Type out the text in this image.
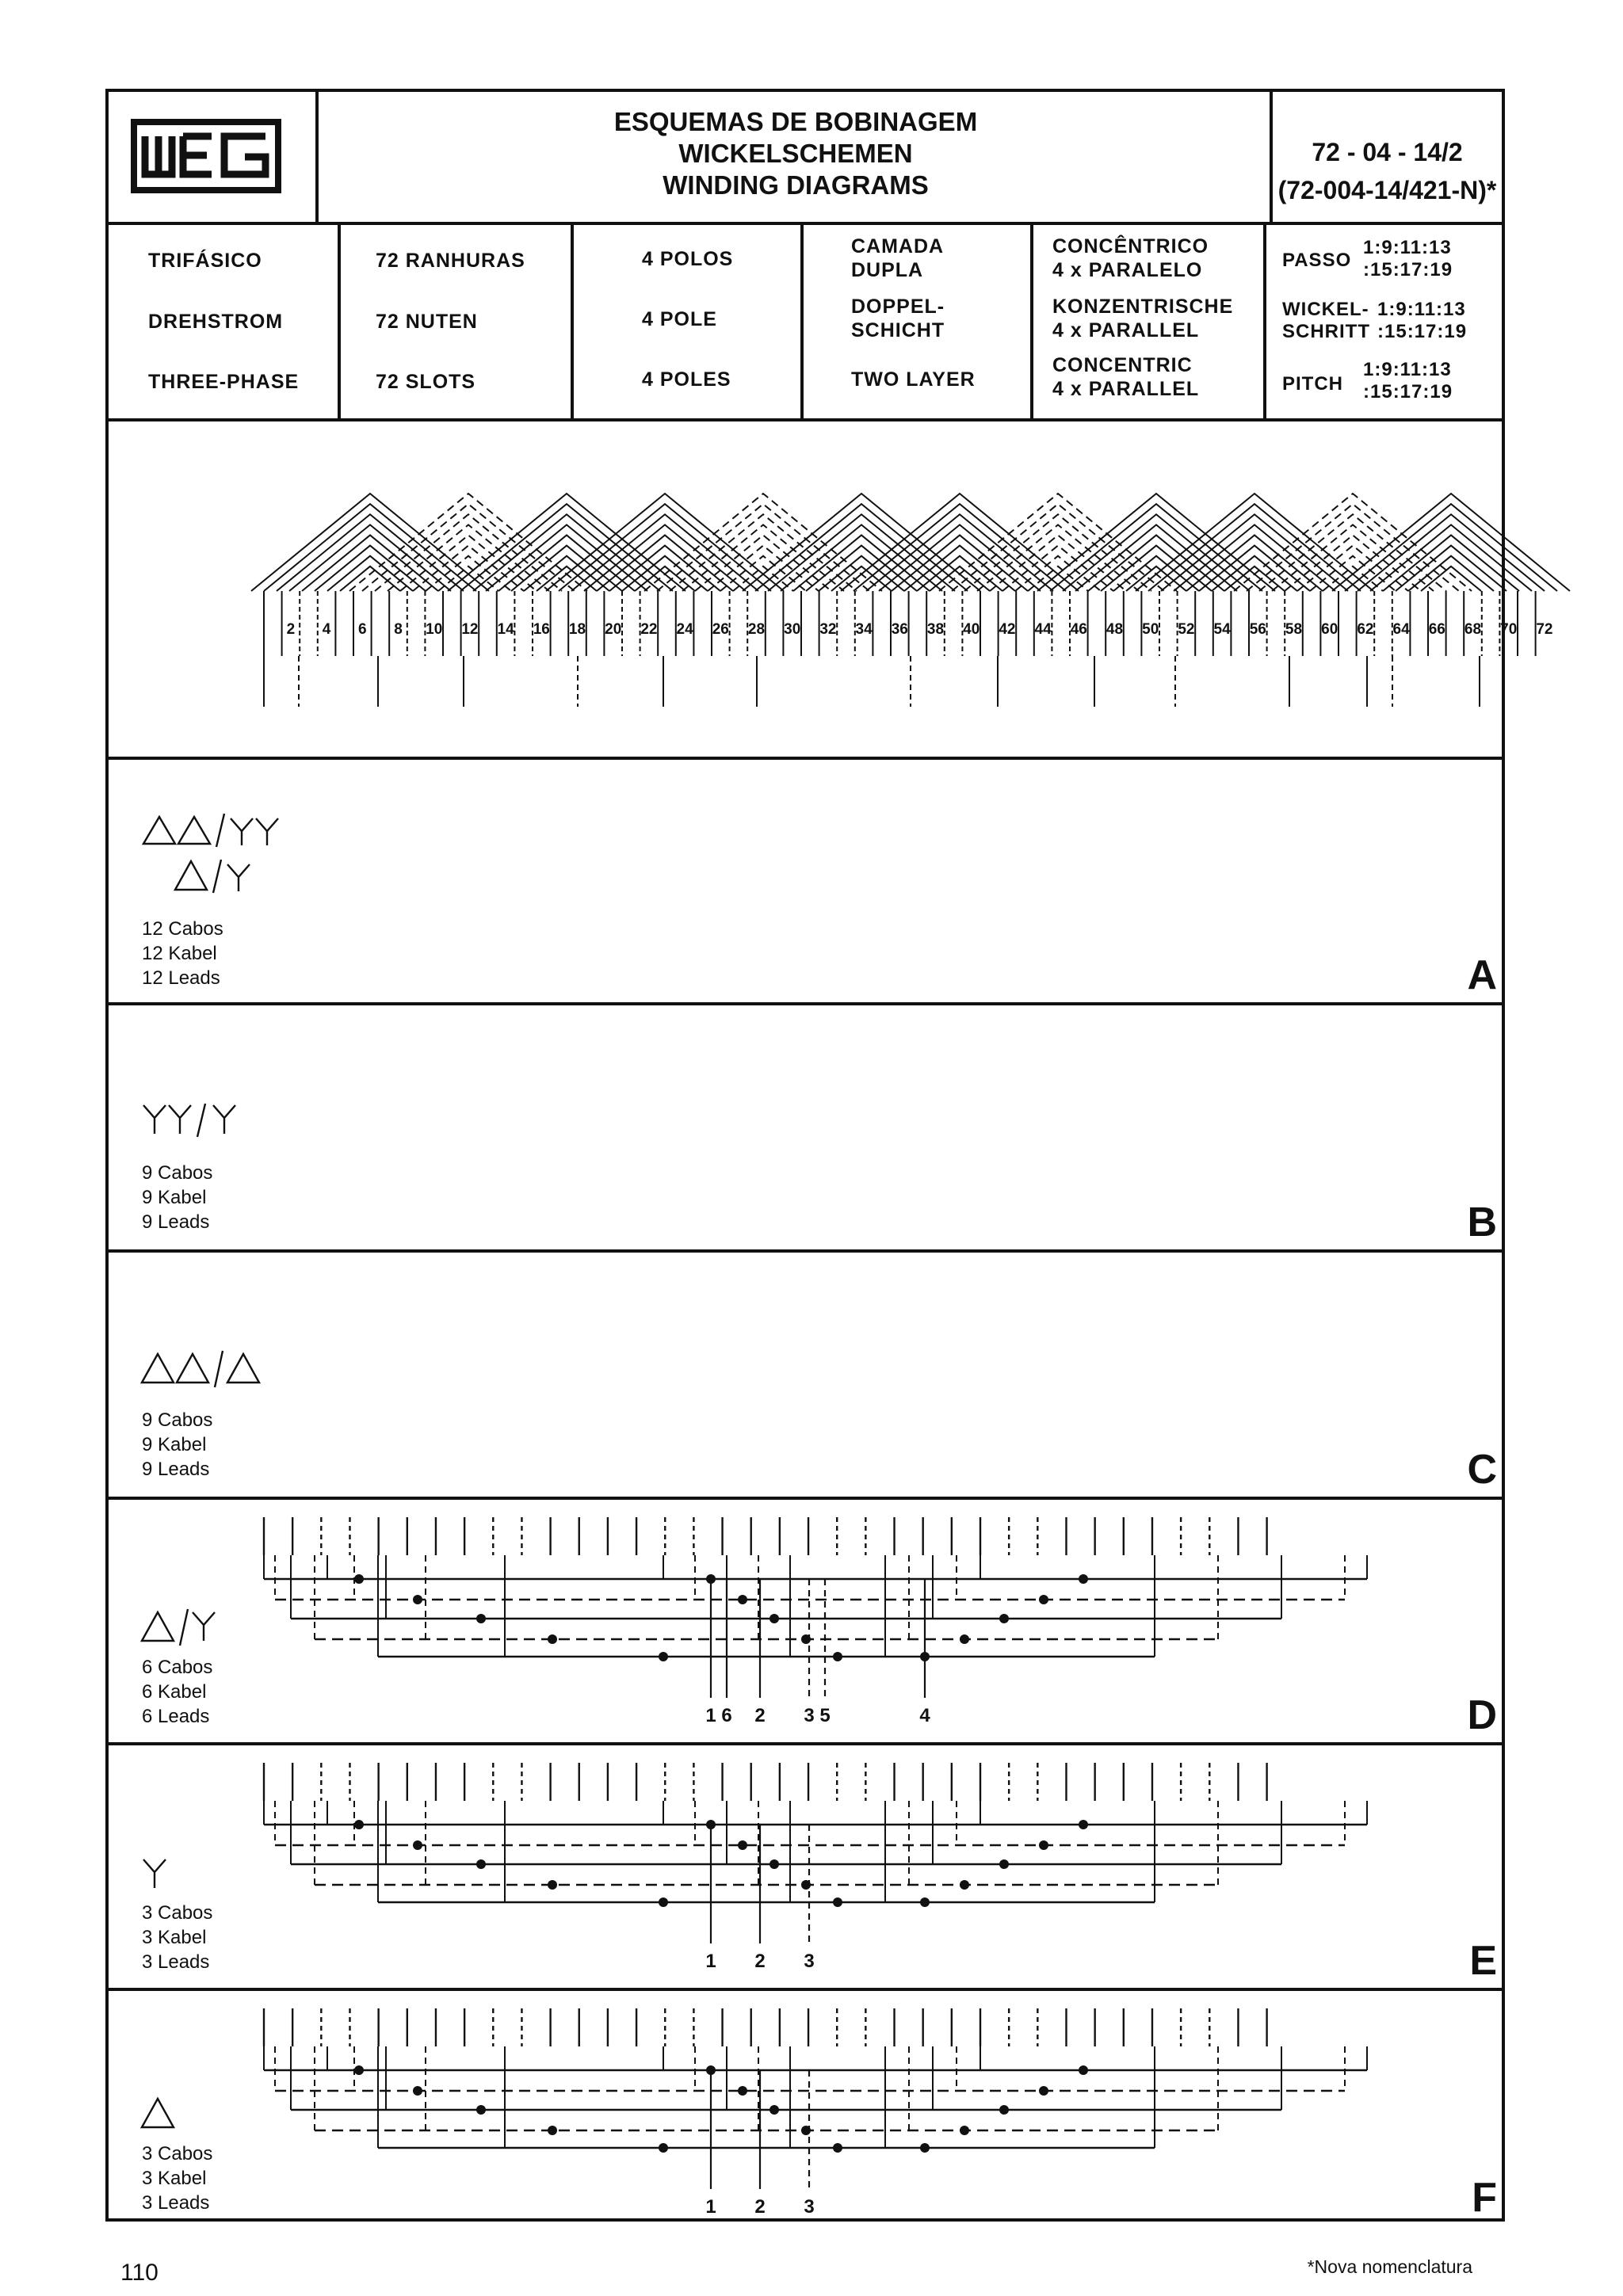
ESQUEMAS DE BOBINAGEM
WICKELSCHEMEN
WINDING DIAGRAMS
72 - 04 - 14/2
(72-004-14/421-N)*
TRIFÁSICO
DREHSTROM
THREE-PHASE
72 RANHURAS
72 NUTEN
72 SLOTS
4 POLOS
4 POLE
4 POLES
CAMADA
DUPLA
DOPPEL-
SCHICHT
TWO LAYER
CONCÊNTRICO
4 x PARALELO
KONZENTRISCHE
4 x PARALLEL
CONCENTRIC
4 x PARALLEL
PASSO
1:9:11:13
:15:17:19
WICKEL-
SCHRITT
1:9:11:13
:15:17:19
PITCH
1:9:11:13
:15:17:19
2 4 6 8 10 12 14 16 18 20 22 24 26 28 30 32 34 36 38 40 42 44 46 48 50 52 54 56 58 60 62 64 66 68 70 72
12 Cabos
12 Kabel
12 Leads	A
9 Cabos
9 Kabel
9 Leads	B
9 Cabos
9 Kabel
9 Leads	C
1 6 2 3 5	4
6 Cabos
6 Kabel
6 Leads	D
1 2 3
3 Cabos
3 Kabel
3 Leads	E
1 2 3
3 Cabos
3 Kabel
3 Leads	F
110	*Nova nomenclatura
